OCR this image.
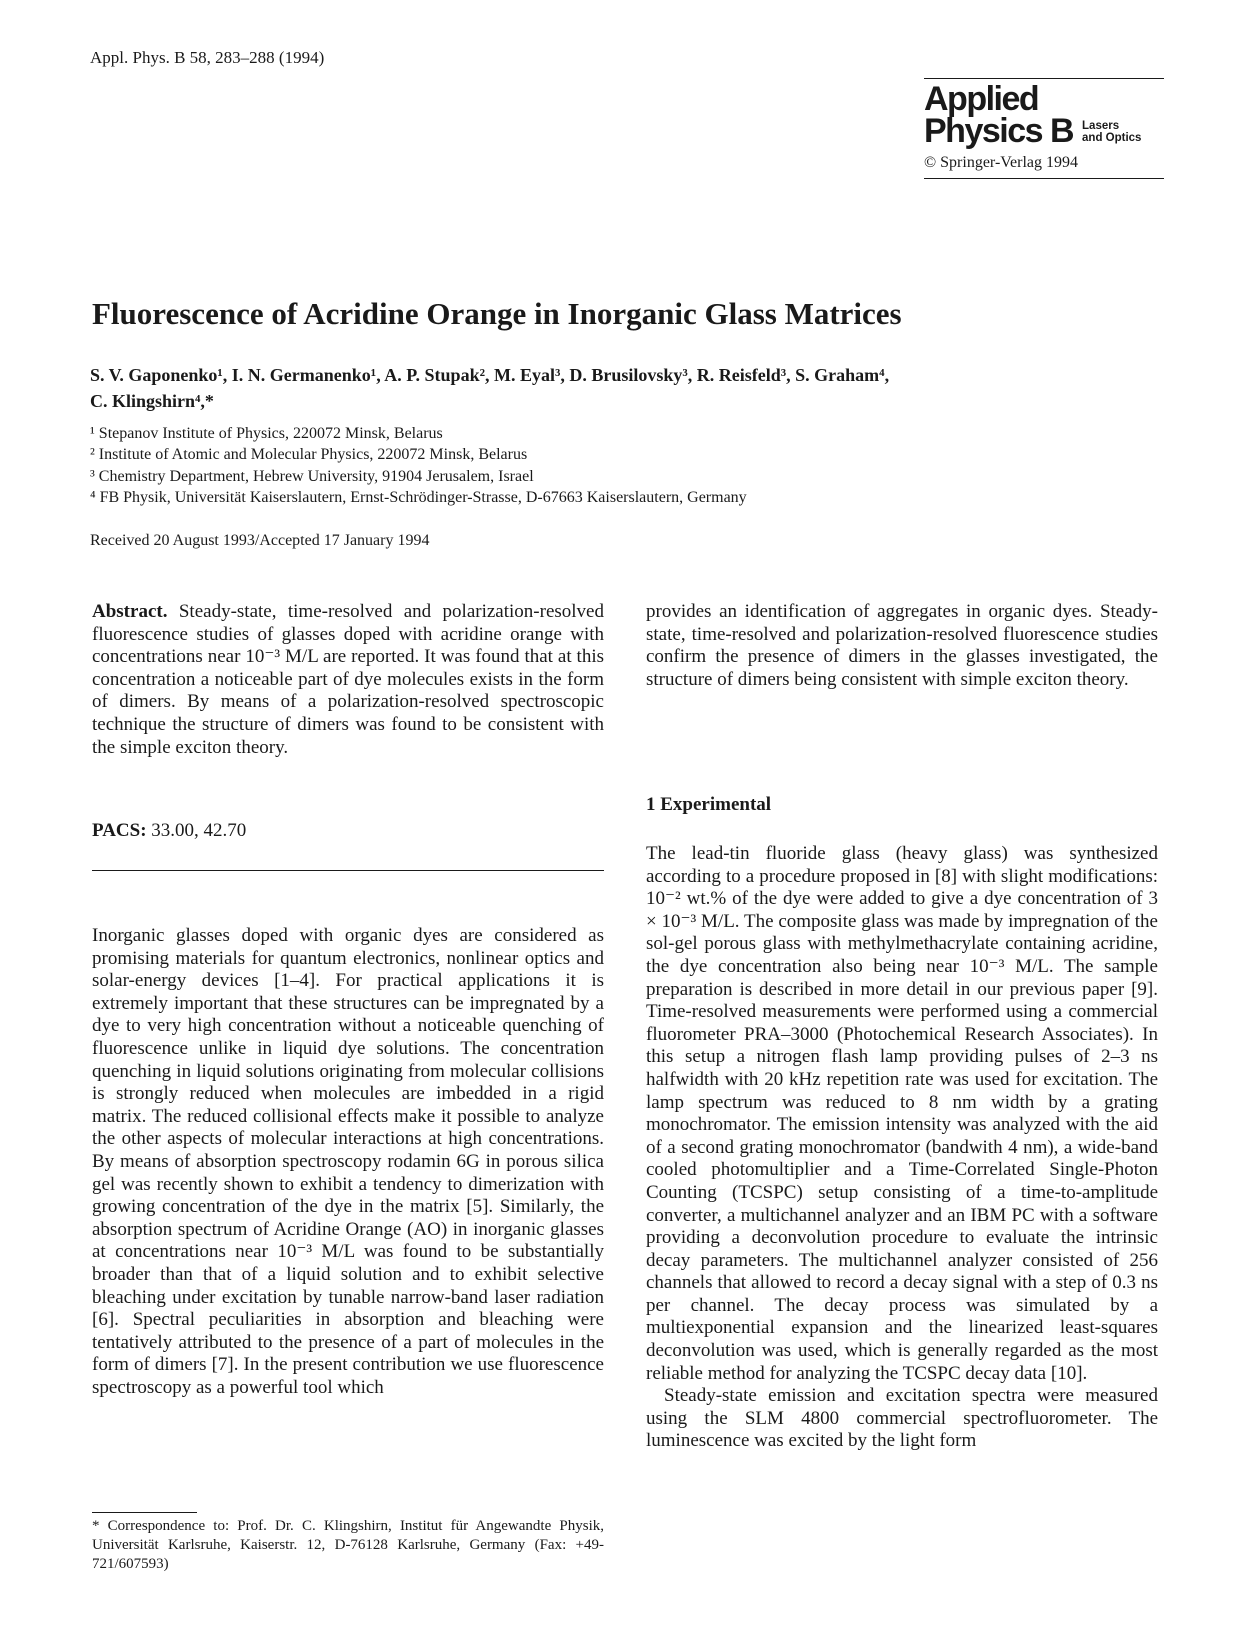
Appl. Phys. B 58, 283–288 (1994)
Applied
Physics B Lasers
and Optics
© Springer-Verlag 1994
Fluorescence of Acridine Orange in Inorganic Glass Matrices
S. V. Gaponenko¹, I. N. Germanenko¹, A. P. Stupak², M. Eyal³, D. Brusilovsky³, R. Reisfeld³, S. Graham⁴,
C. Klingshirn⁴,*
¹ Stepanov Institute of Physics, 220072 Minsk, Belarus
² Institute of Atomic and Molecular Physics, 220072 Minsk, Belarus
³ Chemistry Department, Hebrew University, 91904 Jerusalem, Israel
⁴ FB Physik, Universität Kaiserslautern, Ernst-Schrödinger-Strasse, D-67663 Kaiserslautern, Germany
Received 20 August 1993/Accepted 17 January 1994

Abstract. Steady-state, time-resolved and polarization-resolved fluorescence studies of glasses doped with acridine orange with concentrations near 10⁻³ M/L are reported. It was found that at this concentration a noticeable part of dye molecules exists in the form of dimers. By means of a polarization-resolved spectroscopic technique the structure of dimers was found to be consistent with the simple exciton theory.

PACS: 33.00, 42.70

Inorganic glasses doped with organic dyes are considered as promising materials for quantum electronics, nonlinear optics and solar-energy devices [1–4]. For practical applications it is extremely important that these structures can be impregnated by a dye to very high concentration without a noticeable quenching of fluorescence unlike in liquid dye solutions. The concentration quenching in liquid solutions originating from molecular collisions is strongly reduced when molecules are imbedded in a rigid matrix. The reduced collisional effects make it possible to analyze the other aspects of molecular interactions at high concentrations. By means of absorption spectroscopy rodamin 6G in porous silica gel was recently shown to exhibit a tendency to dimerization with growing concentration of the dye in the matrix [5]. Similarly, the absorption spectrum of Acridine Orange (AO) in inorganic glasses at concentrations near 10⁻³ M/L was found to be substantially broader than that of a liquid solution and to exhibit selective bleaching under excitation by tunable narrow-band laser radiation [6]. Spectral peculiarities in absorption and bleaching were tentatively attributed to the presence of a part of molecules in the form of dimers [7]. In the present contribution we use fluorescence spectroscopy as a powerful tool which

provides an identification of aggregates in organic dyes. Steady-state, time-resolved and polarization-resolved fluorescence studies confirm the presence of dimers in the glasses investigated, the structure of dimers being consistent with simple exciton theory.

1 Experimental

The lead-tin fluoride glass (heavy glass) was synthesized according to a procedure proposed in [8] with slight modifications: 10⁻² wt.% of the dye were added to give a dye concentration of 3 × 10⁻³ M/L. The composite glass was made by impregnation of the sol-gel porous glass with methylmethacrylate containing acridine, the dye concentration also being near 10⁻³ M/L. The sample preparation is described in more detail in our previous paper [9]. Time-resolved measurements were performed using a commercial fluorometer PRA–3000 (Photochemical Research Associates). In this setup a nitrogen flash lamp providing pulses of 2–3 ns halfwidth with 20 kHz repetition rate was used for excitation. The lamp spectrum was reduced to 8 nm width by a grating monochromator. The emission intensity was analyzed with the aid of a second grating monochromator (bandwith 4 nm), a wide-band cooled photomultiplier and a Time-Correlated Single-Photon Counting (TCSPC) setup consisting of a time-to-amplitude converter, a multichannel analyzer and an IBM PC with a software providing a deconvolution procedure to evaluate the intrinsic decay parameters. The multichannel analyzer consisted of 256 channels that allowed to record a decay signal with a step of 0.3 ns per channel. The decay process was simulated by a multiexponential expansion and the linearized least-squares deconvolution was used, which is generally regarded as the most reliable method for analyzing the TCSPC decay data [10].

Steady-state emission and excitation spectra were measured using the SLM 4800 commercial spectrofluorometer. The luminescence was excited by the light form

* Correspondence to: Prof. Dr. C. Klingshirn, Institut für Angewandte Physik, Universität Karlsruhe, Kaiserstr. 12, D-76128 Karlsruhe, Germany (Fax: +49-721/607593)
